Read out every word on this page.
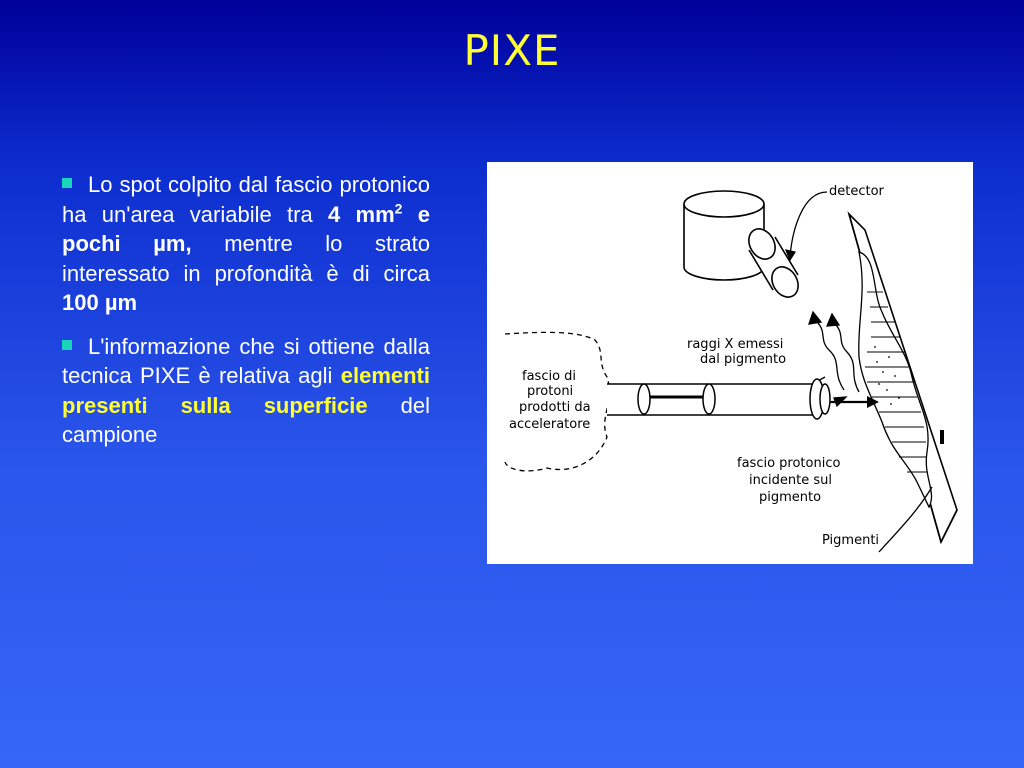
PIXE

Lo spot colpito dal fascio protonico ha un'area variabile tra 4 $mm^2$ e pochi µm, mentre lo strato interessato in profondità è di circa 100 µm

L'informazione che si ottiene dalla tecnica PIXE è relativa agli elementi presenti sulla superficie del campione

detector
raggi X emessi
dal pigmento
fascio di
protoni
prodotti da
acceleratore
fascio protonico
incidente sul
pigmento
Pigmenti
